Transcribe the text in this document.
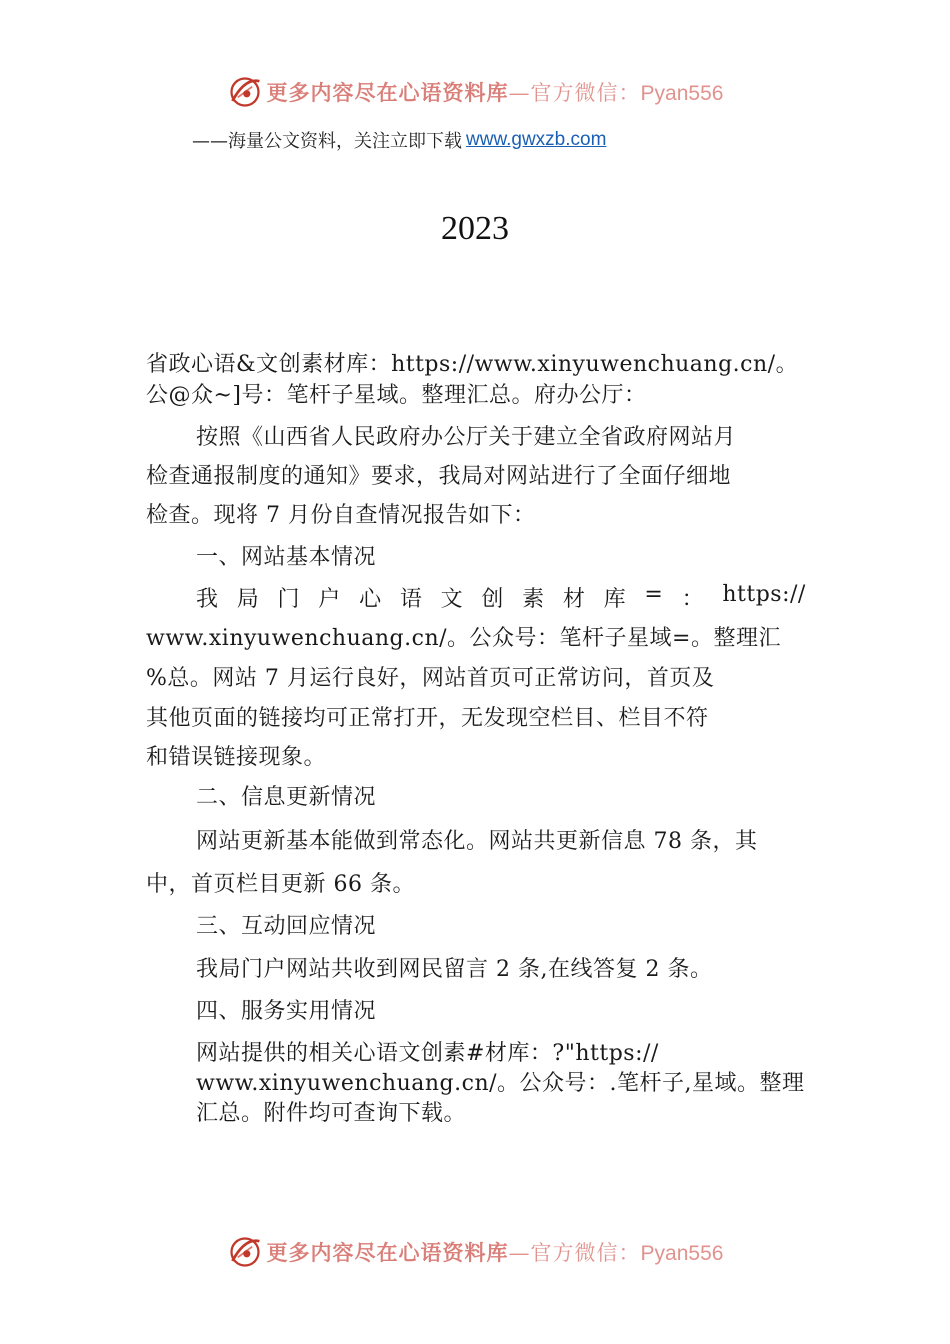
更多内容尽在心语资料库—官方微信：Pyan556
——海量公文资料，关注立即下载 www.gwxzb.com
2023
省政心语&文创素材库：https://www.xinyuwenchuang.cn/。
公@众~]号：笔杆子星域。整理汇总。府办公厅：
按照《山西省人民政府办公厅关于建立全省政府网站月
检查通报制度的通知》要求，我局对网站进行了全面仔细地
检查。现将 7 月份自查情况报告如下：
一、网站基本情况
我 局 门 户 心 语 文 创 素 材 库 = ： https://
www.xinyuwenchuang.cn/。公众号：笔杆子星域=。整理汇
%总。网站 7 月运行良好，网站首页可正常访问，首页及
其他页面的链接均可正常打开，无发现空栏目、栏目不符
和错误链接现象。
二、信息更新情况
网站更新基本能做到常态化。网站共更新信息 78 条，其
中，首页栏目更新 66 条。
三、互动回应情况
我局门户网站共收到网民留言 2 条,在线答复 2 条。
四、服务实用情况
网站提供的相关心语文创素#材库：?"https://
www.xinyuwenchuang.cn/。公众号：.笔杆子,星域。整理
汇总。附件均可查询下载。
更多内容尽在心语资料库—官方微信：Pyan556
